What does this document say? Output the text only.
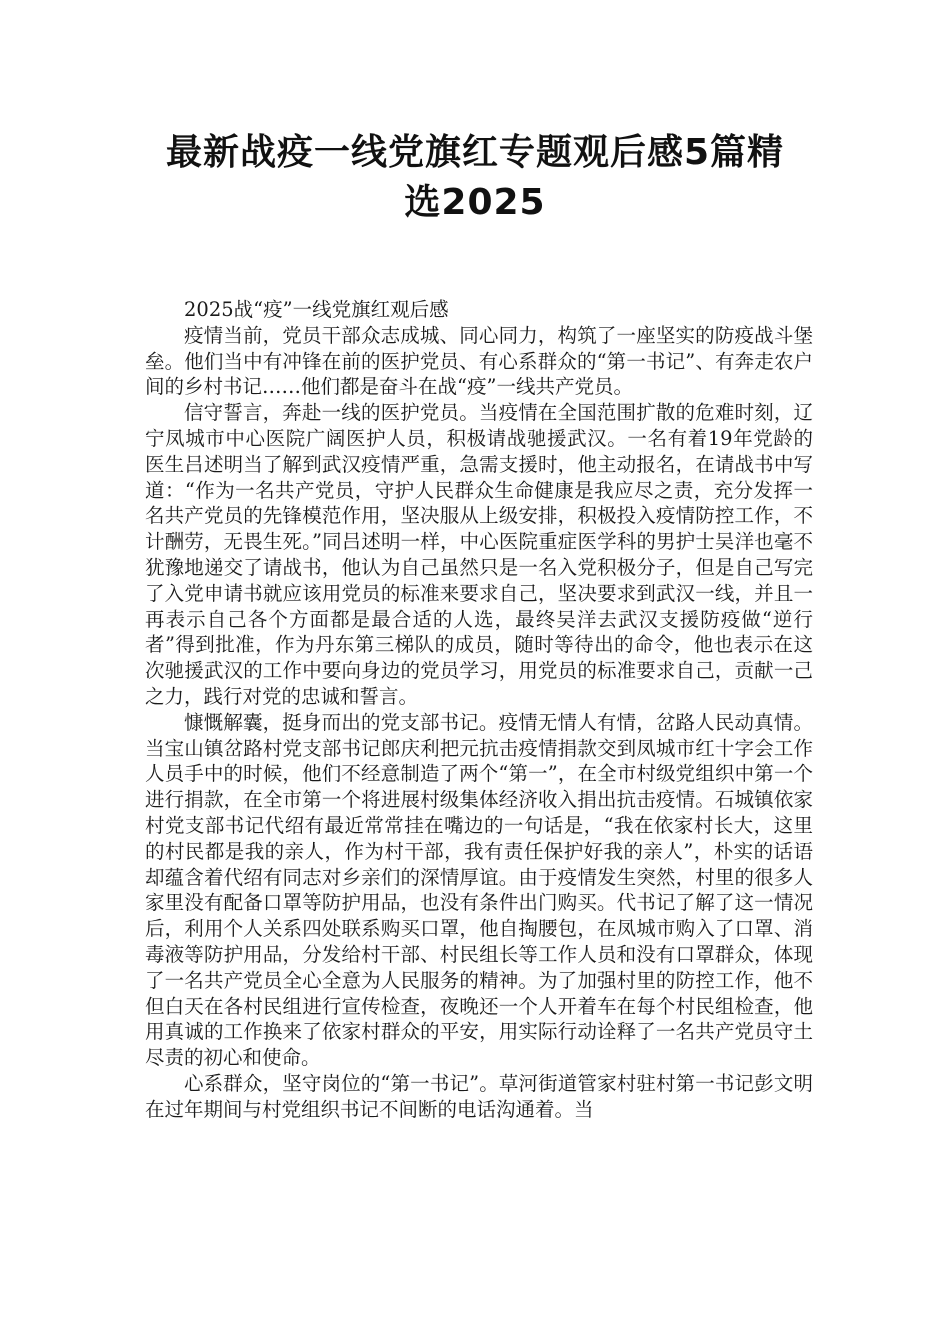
最新战疫一线党旗红专题观后感5篇精
选2025

2025战“疫”一线党旗红观后感

疫情当前，党员干部众志成城、同心同力，构筑了一座坚实的防疫战斗堡垒。他们当中有冲锋在前的医护党员、有心系群众的“第一书记”、有奔走农户间的乡村书记……他们都是奋斗在战“疫”一线共产党员。

信守誓言，奔赴一线的医护党员。当疫情在全国范围扩散的危难时刻，辽宁凤城市中心医院广阔医护人员，积极请战驰援武汉。一名有着19年党龄的医生吕述明当了解到武汉疫情严重，急需支援时，他主动报名，在请战书中写道：“作为一名共产党员，守护人民群众生命健康是我应尽之责，充分发挥一名共产党员的先锋模范作用，坚决服从上级安排，积极投入疫情防控工作，不计酬劳，无畏生死。”同吕述明一样，中心医院重症医学科的男护士吴洋也毫不犹豫地递交了请战书，他认为自己虽然只是一名入党积极分子，但是自己写完了入党申请书就应该用党员的标准来要求自己，坚决要求到武汉一线，并且一再表示自己各个方面都是最合适的人选，最终吴洋去武汉支援防疫做“逆行者”得到批准，作为丹东第三梯队的成员，随时等待出的命令，他也表示在这次驰援武汉的工作中要向身边的党员学习，用党员的标准要求自己，贡献一己之力，践行对党的忠诚和誓言。

慷慨解囊，挺身而出的党支部书记。疫情无情人有情，岔路人民动真情。当宝山镇岔路村党支部书记郎庆利把元抗击疫情捐款交到凤城市红十字会工作人员手中的时候，他们不经意制造了两个“第一”，在全市村级党组织中第一个进行捐款，在全市第一个将进展村级集体经济收入捐出抗击疫情。石城镇依家村党支部书记代绍有最近常常挂在嘴边的一句话是，“我在依家村长大，这里的村民都是我的亲人，作为村干部，我有责任保护好我的亲人”，朴实的话语却蕴含着代绍有同志对乡亲们的深情厚谊。由于疫情发生突然，村里的很多人家里没有配备口罩等防护用品，也没有条件出门购买。代书记了解了这一情况后，利用个人关系四处联系购买口罩，他自掏腰包，在凤城市购入了口罩、消毒液等防护用品，分发给村干部、村民组长等工作人员和没有口罩群众，体现了一名共产党员全心全意为人民服务的精神。为了加强村里的防控工作，他不但白天在各村民组进行宣传检查，夜晚还一个人开着车在每个村民组检查，他用真诚的工作换来了依家村群众的平安，用实际行动诠释了一名共产党员守土尽责的初心和使命。

心系群众，坚守岗位的“第一书记”。草河街道管家村驻村第一书记彭文明在过年期间与村党组织书记不间断的电话沟通着。当
